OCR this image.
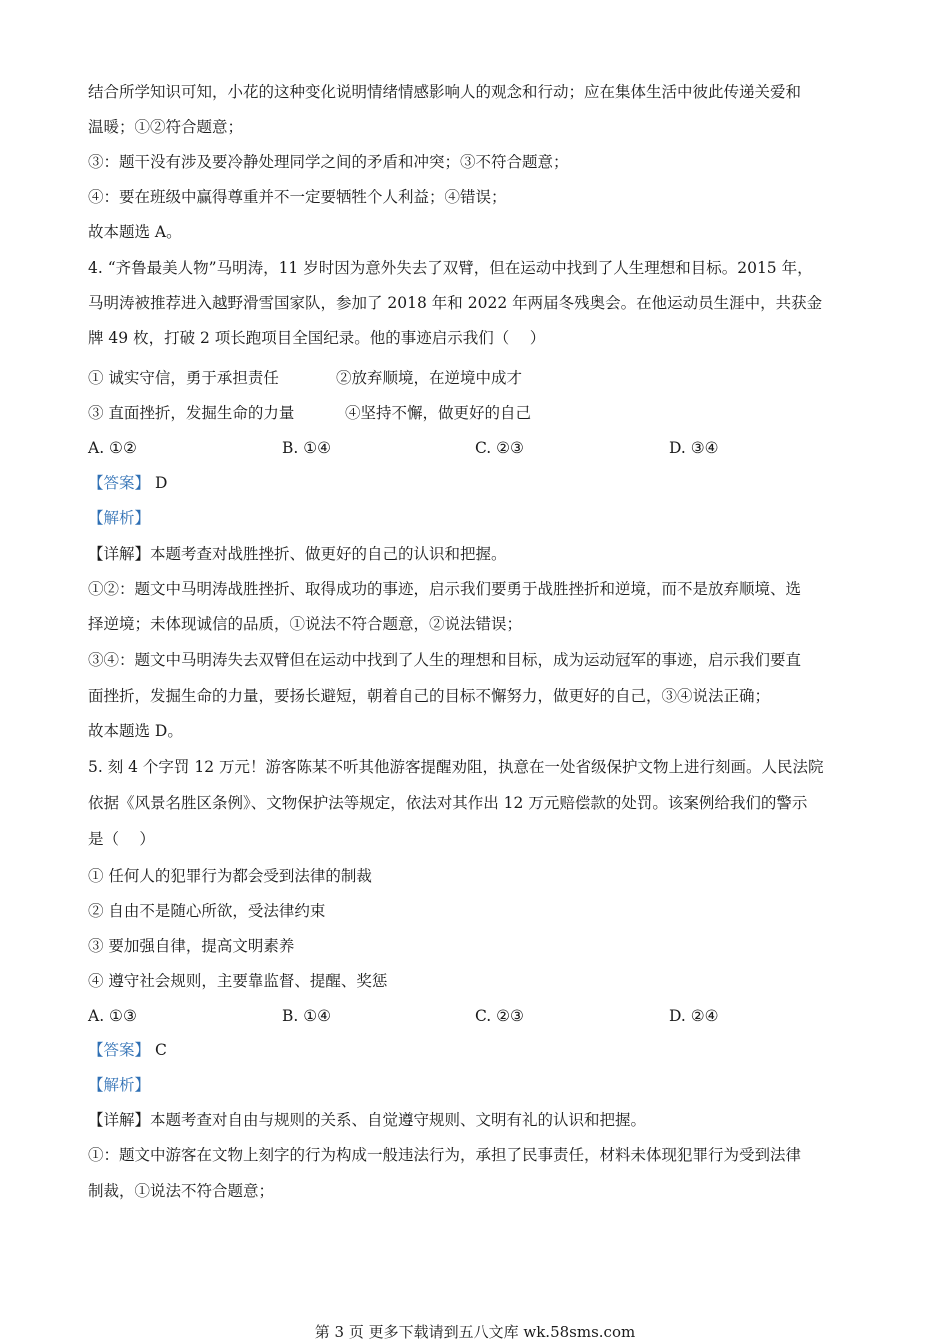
结合所学知识可知，小花的这种变化说明情绪情感影响人的观念和行动；应在集体生活中彼此传递关爱和
温暖；①②符合题意；
③：题干没有涉及要冷静处理同学之间的矛盾和冲突；③不符合题意；
④：要在班级中赢得尊重并不一定要牺牲个人利益；④错误；
故本题选 A。
4. “齐鲁最美人物”马明涛，11 岁时因为意外失去了双臂，但在运动中找到了人生理想和目标。2015 年，
马明涛被推荐进入越野滑雪国家队，参加了 2018 年和 2022 年两届冬残奥会。在他运动员生涯中，共获金
牌 49 枚，打破 2 项长跑项目全国纪录。他的事迹启示我们（　 ）
① 诚实守信，勇于承担责任	②放弃顺境，在逆境中成才
③ 直面挫折，发掘生命的力量	④坚持不懈，做更好的自己
A. ①②	B. ①④	C. ②③	D. ③④
【答案】 D
【解析】
【详解】本题考查对战胜挫折、做更好的自己的认识和把握。
①②：题文中马明涛战胜挫折、取得成功的事迹，启示我们要勇于战胜挫折和逆境，而不是放弃顺境、选
择逆境；未体现诚信的品质，①说法不符合题意，②说法错误；
③④：题文中马明涛失去双臂但在运动中找到了人生的理想和目标，成为运动冠军的事迹，启示我们要直
面挫折，发掘生命的力量，要扬长避短，朝着自己的目标不懈努力，做更好的自己，③④说法正确；
故本题选 D。
5. 刻 4 个字罚 12 万元！游客陈某不听其他游客提醒劝阻，执意在一处省级保护文物上进行刻画。人民法院
依据《风景名胜区条例》、文物保护法等规定，依法对其作出 12 万元赔偿款的处罚。该案例给我们的警示
是（　 ）
① 任何人的犯罪行为都会受到法律的制裁
② 自由不是随心所欲，受法律约束
③ 要加强自律，提高文明素养
④ 遵守社会规则，主要靠监督、提醒、奖惩
A. ①③	B. ①④	C. ②③	D. ②④
【答案】 C
【解析】
【详解】本题考查对自由与规则的关系、自觉遵守规则、文明有礼的认识和把握。
①：题文中游客在文物上刻字的行为构成一般违法行为，承担了民事责任，材料未体现犯罪行为受到法律
制裁，①说法不符合题意；
第 3 页 更多下载请到五八文库 wk.58sms.com
